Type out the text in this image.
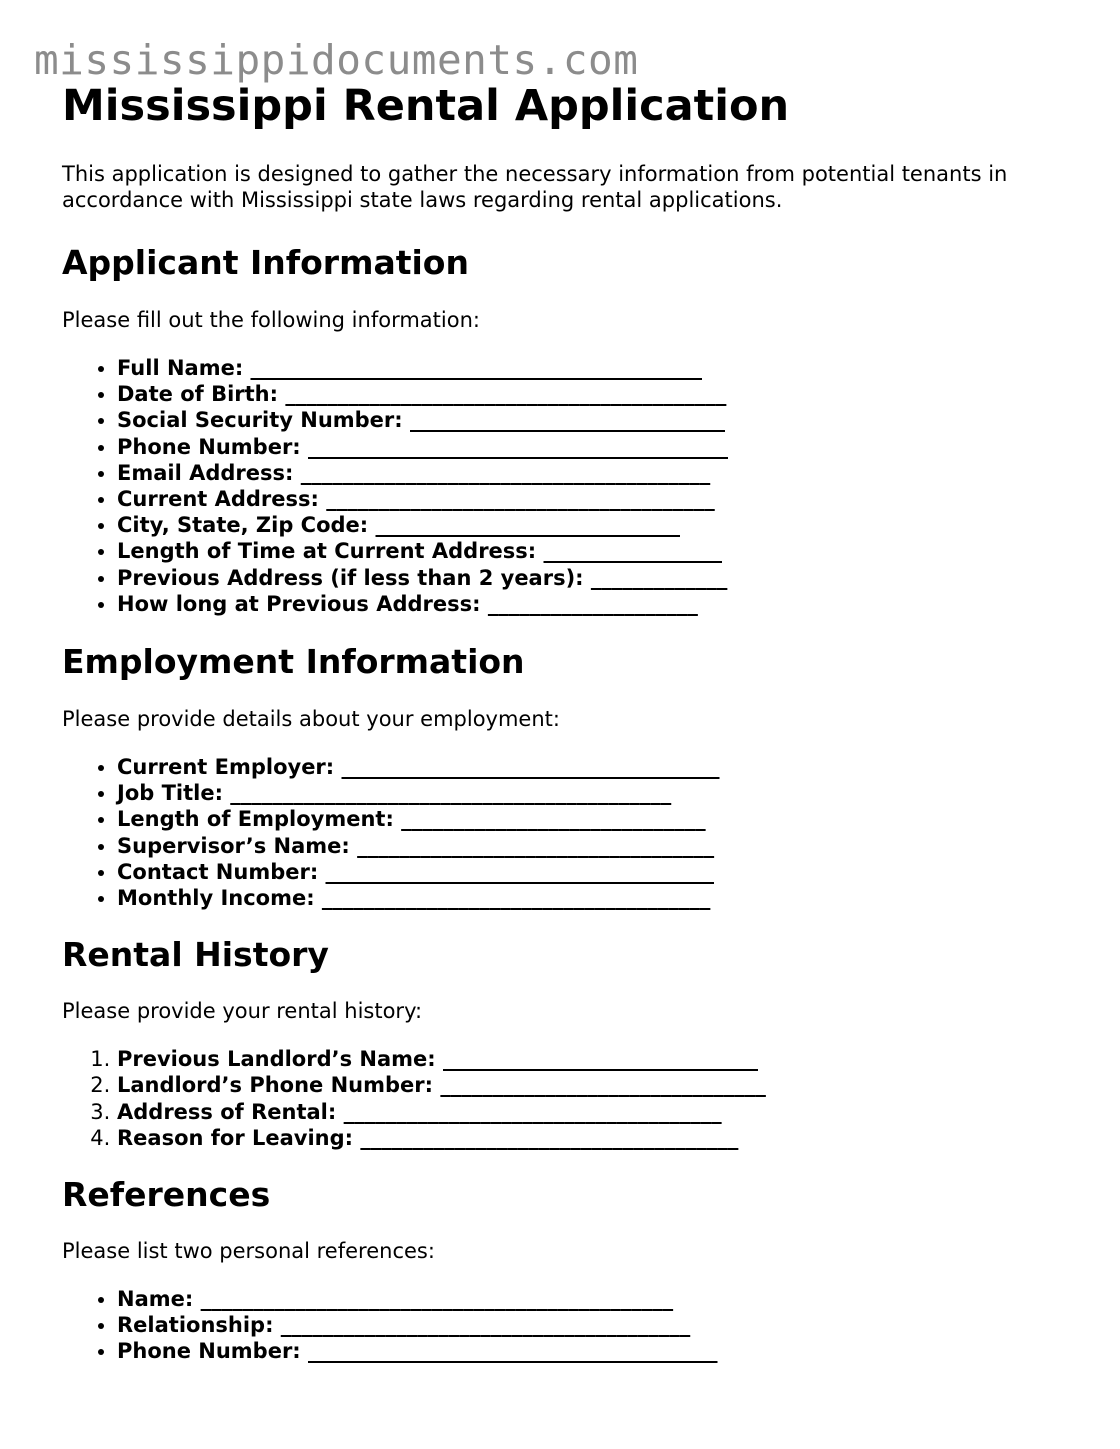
mississippidocuments.com

Mississippi Rental Application

This application is designed to gather the necessary information from potential tenants in accordance with Mississippi state laws regarding rental applications.

Applicant Information

Please fill out the following information:

• Full Name: ___________________________________________
• Date of Birth: __________________________________________
• Social Security Number: ______________________________
• Phone Number: ________________________________________
• Email Address: _______________________________________
• Current Address: _____________________________________
• City, State, Zip Code: _____________________________
• Length of Time at Current Address: _________________
• Previous Address (if less than 2 years): _____________
• How long at Previous Address: ____________________
Employment Information

Please provide details about your employment:

• Current Employer: ____________________________________
• Job Title: __________________________________________
• Length of Employment: _____________________________
• Supervisor’s Name: __________________________________
• Contact Number: _____________________________________
• Monthly Income: _____________________________________
Rental History

Please provide your rental history:

1. Previous Landlord’s Name: ______________________________
2. Landlord’s Phone Number: _______________________________
3. Address of Rental: ____________________________________
4. Reason for Leaving: ____________________________________
References

Please list two personal references:

• Name: _____________________________________________
• Relationship: _______________________________________
• Phone Number: _______________________________________
